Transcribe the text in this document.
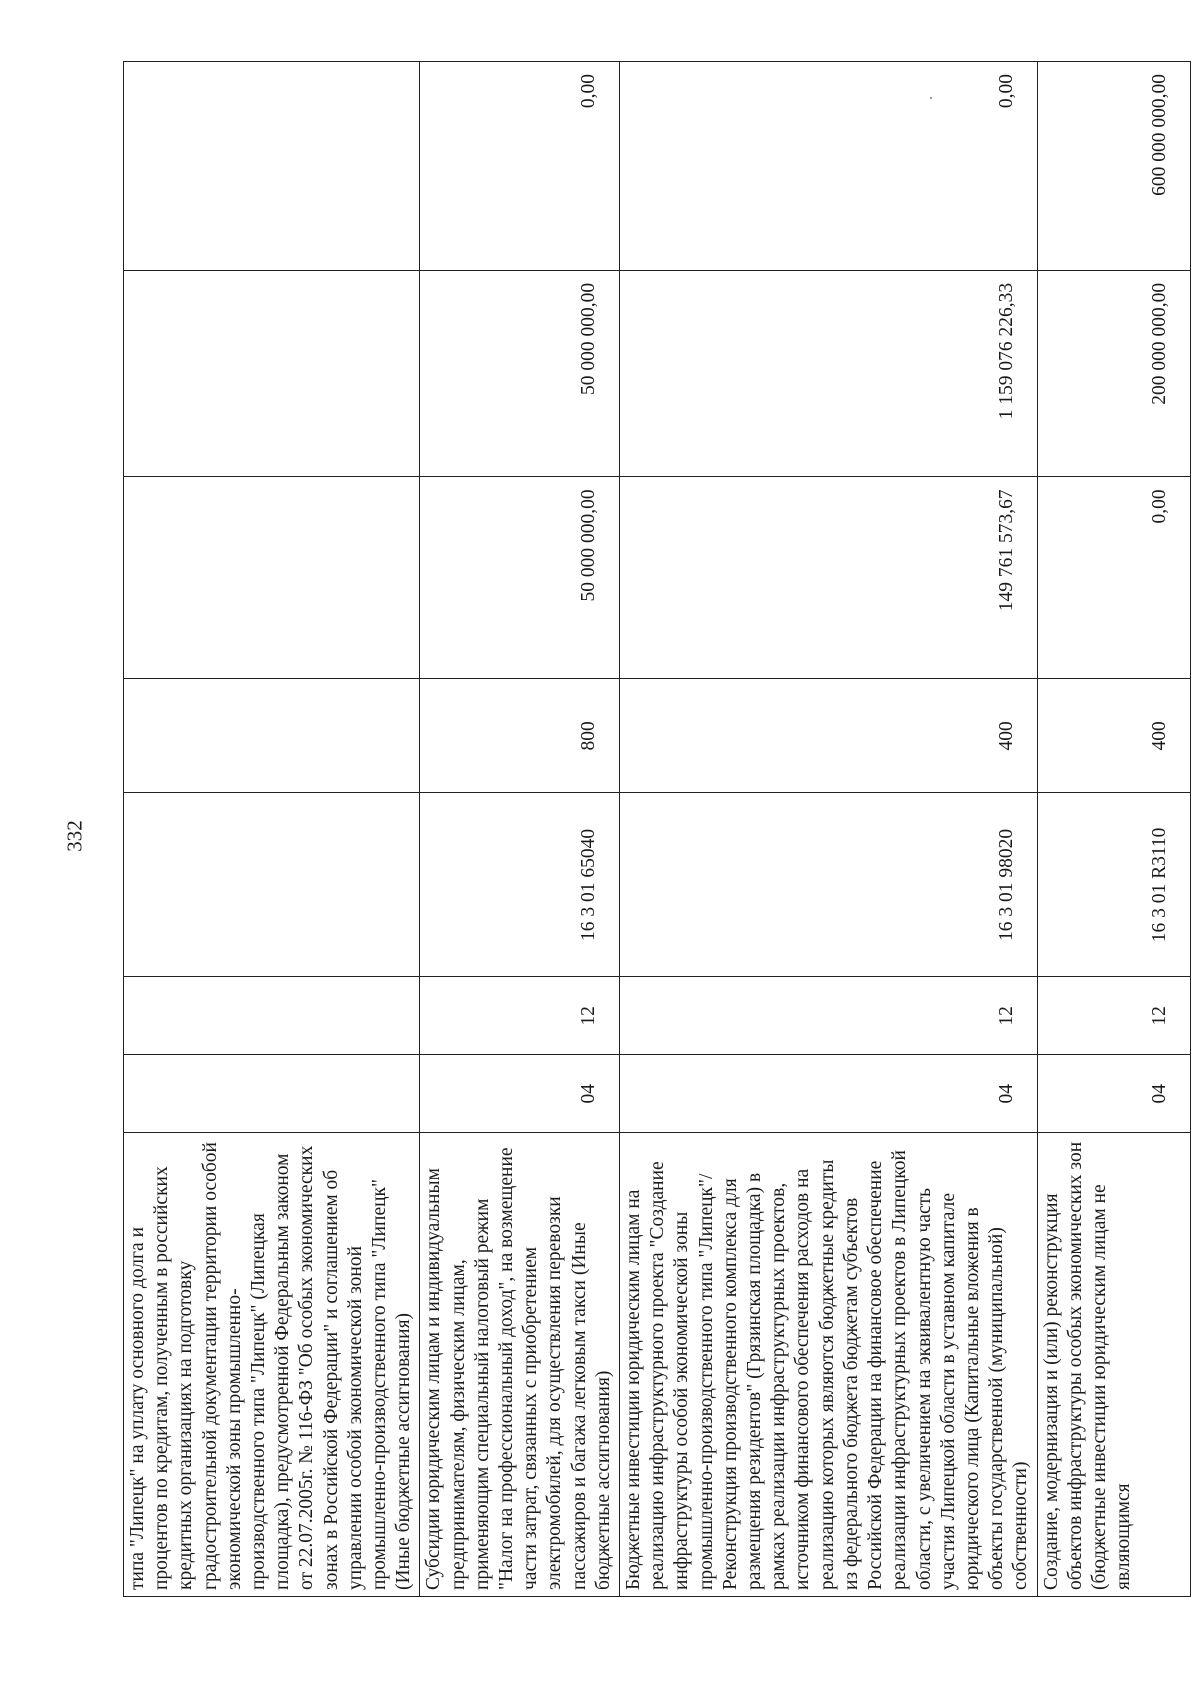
332
типа "Липецк" на уплату основного долга и процентов по кредитам, полученным в российских кредитных организациях на подготовку градостроительной документации территории особой экономической зоны промышленно-производственного типа "Липецк" (Липецкая площадка), предусмотренной Федеральным законом от 22.07.2005г. № 116-ФЗ "Об особых экономических зонах в Российской Федерации" и соглашением об управлении особой экономической зоной промышленно-производственного типа "Липецк" (Иные бюджетные ассигнования)							
Субсидии юридическим лицам и индивидуальным предпринимателям, физическим лицам, применяющим специальный налоговый режим "Налог на профессиональный доход", на возмещение части затрат, связанных с приобретением электромобилей, для осуществления перевозки пассажиров и багажа легковым такси (Иные бюджетные ассигнования)	04	12	16 3 01 65040	800	50 000 000,00	50 000 000,00	0,00
Бюджетные инвестиции юридическим лицам на реализацию инфраструктурного проекта "Создание инфраструктуры особой экономической зоны промышленно-производственного типа "Липецк"/Реконструкция производственного комплекса для размещения резидентов" (Грязинская площадка) в рамках реализации инфраструктурных проектов, источником финансового обеспечения расходов на реализацию которых являются бюджетные кредиты из федерального бюджета бюджетам субъектов Российской Федерации на финансовое обеспечение реализации инфраструктурных проектов в Липецкой области, с увеличением на эквивалентную часть участия Липецкой области в уставном капитале юридического лица (Капитальные вложения в объекты государственной (муниципальной) собственности)	04	12	16 3 01 98020	400	149 761 573,67	1 159 076 226,33	0,00
Создание, модернизация и (или) реконструкция объектов инфраструктуры особых экономических зон (бюджетные инвестиции юридическим лицам не являющимся	04	12	16 3 01 R3110	400	0,00	200 000 000,00	600 000 000,00
